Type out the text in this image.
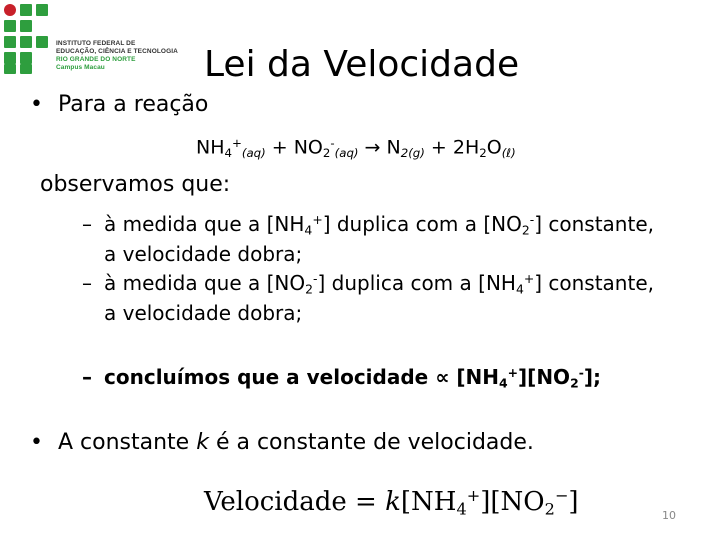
INSTITUTO FEDERAL DE
EDUCAÇÃO, CIÊNCIA E TECNOLOGIA
RIO GRANDE DO NORTE
Campus Macau	Lei da Velocidade
• Para a reação
$NH_4^+_{(aq)} + NO_2^-_{(aq)} \to N_{2(g)} + 2H_2O_{(\ell)}$
observamos que:
– à medida que a $[NH_4^+]$ duplica com a $[NO_2^-]$ constante,
a velocidade dobra;
– à medida que a $[NO_2^-]$ duplica com a $[NH_4^+]$ constante,
a velocidade dobra;
– concluímos que a velocidade ∝ $[NH_4^+][NO_2^-]$;
• A constante k é a constante de velocidade.
Velocidade = $k[NH_4^+][NO_2^-]$	10
